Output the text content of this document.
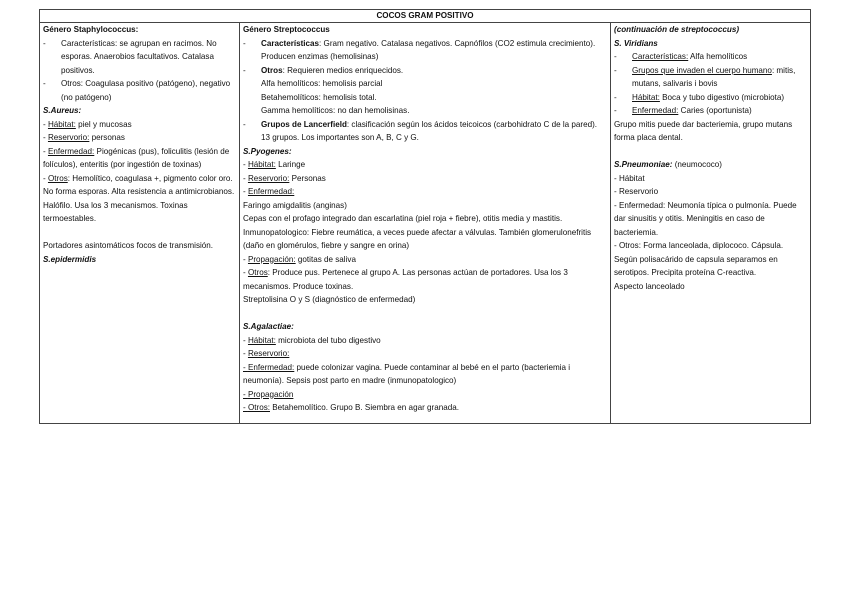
COCOS GRAM POSITIVO

Género Staphylococcus:
-	Características: se agrupan en racimos. No esporas. Anaerobios facultativos. Catalasa positivos.
-	Otros: Coagulasa positivo (patógeno), negativo (no patógeno)
S.Aureus:
- Hábitat: piel y mucosas
- Reservorio: personas
- Enfermedad: Piogénicas (pus), foliculitis (lesión de folículos), enteritis (por ingestión de toxinas)
- Otros: Hemolítico, coagulasa +, pigmento color oro. No forma esporas. Alta resistencia a antimicrobianos. Halófilo. Usa los 3 mecanismos. Toxinas termoestables.
Portadores asintomáticos focos de transmisión.
S.epidermidis

Género Streptococcus
-	Características: Gram negativo. Catalasa negativos. Capnófilos (CO2 estimula crecimiento). Producen enzimas (hemolisinas)
-	Otros: Requieren medios enriquecidos.
Alfa hemolíticos: hemolisis parcial
Betahemolíticos: hemolisis total.
Gamma hemolíticos: no dan hemolisinas.
-	Grupos de Lancerfield: clasificación según los ácidos teicoicos (carbohidrato C de la pared). 13 grupos. Los importantes son A, B, C y G.
S.Pyogenes:
- Hábitat: Laringe
- Reservorio: Personas
- Enfermedad:
Faringo amigdalitis (anginas)
Cepas con el profago integrado dan escarlatina (piel roja + fiebre), otitis media y mastitis.
Inmunopatologico: Fiebre reumática, a veces puede afectar a válvulas. También glomerulonefritis (daño en glomérulos, fiebre y sangre en orina)
- Propagación: gotitas de saliva
- Otros: Produce pus. Pertenece al grupo A. Las personas actúan de portadores. Usa los 3 mecanismos. Produce toxinas.
Streptolisina O y S (diagnóstico de enfermedad)
S.Agalactiae:
- Hábitat: microbiota del tubo digestivo
- Reservorio:
- Enfermedad: puede colonizar vagina. Puede contaminar al bebé en el parto (bacteriemia i neumonía). Sepsis post parto en madre (inmunopatologico)
- Propagación
- Otros: Betahemolítico. Grupo B. Siembra en agar granada.

(continuación de streptococcus)
S. Viridians
-	Características: Alfa hemolíticos
-	Grupos que invaden el cuerpo humano: mitis, mutans, salivaris i bovis
-	Hábitat: Boca y tubo digestivo (microbiota)
-	Enfermedad: Caries (oportunista)
Grupo mitis puede dar bacteriemia, grupo mutans forma placa dental.
S.Pneumoniae: (neumococo)
- Hábitat
- Reservorio
- Enfermedad: Neumonía típica o pulmonía. Puede dar sinusitis y otitis. Meningitis en caso de bacteriemia.
- Otros: Forma lanceolada, diplococo. Cápsula. Según polisacárido de capsula separamos en serotipos. Precipita proteína C-reactiva.
Aspecto lanceolado
